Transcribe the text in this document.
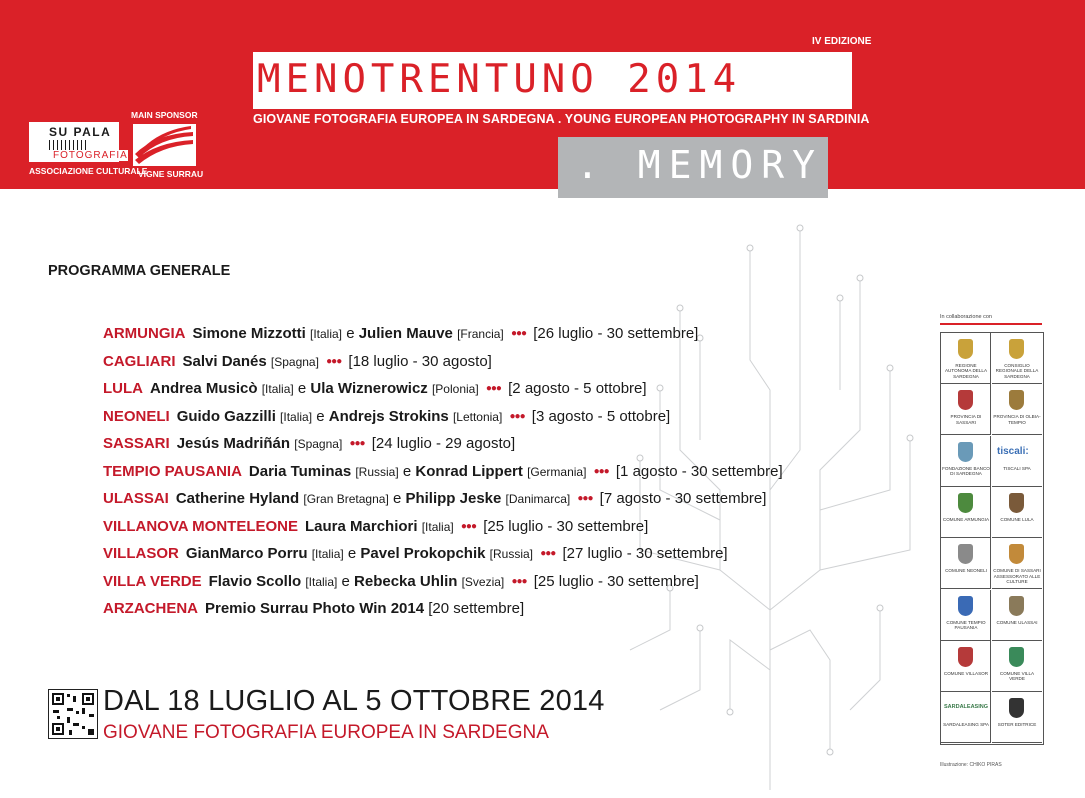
IV EDIZIONE
MENOTRENTUNO 2014
GIOVANE FOTOGRAFIA EUROPEA IN SARDEGNA . YOUNG EUROPEAN PHOTOGRAPHY IN SARDINIA
SU PALA
FOTOGRAFIA
ASSOCIAZIONE CULTURALE
MAIN SPONSOR
VIGNE SURRAU	. MEMORY
PROGRAMMA GENERALE
ARMUNGIA Simone Mizzotti [Italia] e Julien Mauve [Francia] ●●● [26 luglio - 30 settembre]
CAGLIARI Salvi Danés [Spagna] ●●● [18 luglio - 30 agosto]
LULA Andrea Musicò [Italia] e Ula Wiznerowicz [Polonia] ●●● [2 agosto - 5 ottobre]
NEONELI Guido Gazzilli [Italia] e Andrejs Strokins [Lettonia] ●●● [3 agosto - 5 ottobre]
SASSARI Jesús Madriñán [Spagna] ●●● [24 luglio - 29 agosto]
TEMPIO PAUSANIA Daria Tuminas [Russia] e Konrad Lippert [Germania] ●●● [1 agosto - 30 settembre]
ULASSAI Catherine Hyland [Gran Bretagna] e Philipp Jeske [Danimarca] ●●● [7 agosto - 30 settembre]
VILLANOVA MONTELEONE Laura Marchiori [Italia] ●●● [25 luglio - 30 settembre]
VILLASOR GianMarco Porru [Italia] e Pavel Prokopchik [Russia] ●●● [27 luglio - 30 settembre]
VILLA VERDE Flavio Scollo [Italia] e Rebecka Uhlin [Svezia] ●●● [25 luglio - 30 settembre]
ARZACHENA Premio Surrau Photo Win 2014 [20 settembre]
DAL 18 LUGLIO AL 5 OTTOBRE 2014
GIOVANE FOTOGRAFIA EUROPEA IN SARDEGNA
In collaborazione con
REGIONE AUTONOMA DELLA SARDEGNA
CONSIGLIO REGIONALE DELLA SARDEGNA
PROVINCIA DI SASSARI
PROVINCIA DI OLBIA-TEMPIO
FONDAZIONE BANCO DI SARDEGNA
tiscali:
TISCALI SPA
COMUNE ARMUNGIA	COMUNE LULA
COMUNE NEONELI	COMUNE DI SASSARI ASSESSORATO ALLE CULTURE
COMUNE TEMPIO PAUSANIA
COMUNE ULASSAI
COMUNE VILLASOR	COMUNE VILLA VERDE
SARDALEASING
SARDALEASING SPA	SOTER EDITRICE
Illustrazione: CHIKO PIRAS
